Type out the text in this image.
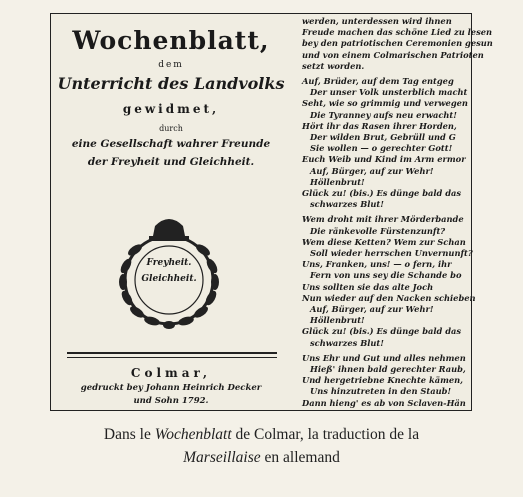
Wochenblatt,
dem
Unterricht des Landvolks
gewidmet,
durch
eine Gesellschaft wahrer Freunde
der Freyheit und Gleichheit.
Freyheit.
Gleichheit.
Colmar,
gedruckt bey Johann Heinrich Decker
und Sohn 1792.
werden, unterdessen wird ihnen
Freude machen das schöne Lied zu lesen
bey den patriotischen Ceremonien gesun
und von einem Colmarischen Patrioten
setzt worden.
Auf, Brüder, auf dem Tag entgeg
Der unser Volk unsterblich macht
Seht, wie so grimmig und verwegen
Die Tyranney aufs neu erwacht!
Hört ihr das Rasen ihrer Horden,
Der wilden Brut, Gebrüll und G
Sie wollen — o gerechter Gott!
Euch Weib und Kind im Arm ermor
Auf, Bürger, auf zur Wehr!
Höllenbrut!
Glück zu! (bis.) Es dünge bald das
schwarzes Blut!
Wem droht mit ihrer Mörderbande
Die ränkevolle Fürstenzunft?
Wem diese Ketten? Wem zur Schan
Soll wieder herrschen Unvernunft?
Uns, Franken, uns! — o fern, ihr
Fern von uns sey die Schande bo
Uns sollten sie das alte Joch
Nun wieder auf den Nacken schieben
Auf, Bürger, auf zur Wehr!
Höllenbrut!
Glück zu! (bis.) Es dünge bald das
schwarzes Blut!
Uns Ehr und Gut und alles nehmen
Hieß' ihnen bald gerechter Raub,
Und hergetriebne Knechte kämen,
Uns hinzutreten in den Staub!
Dann hieng' es ab von Sclaven-Hän
Dans le Wochenblatt de Colmar, la traduction de la
Marseillaise en allemand
